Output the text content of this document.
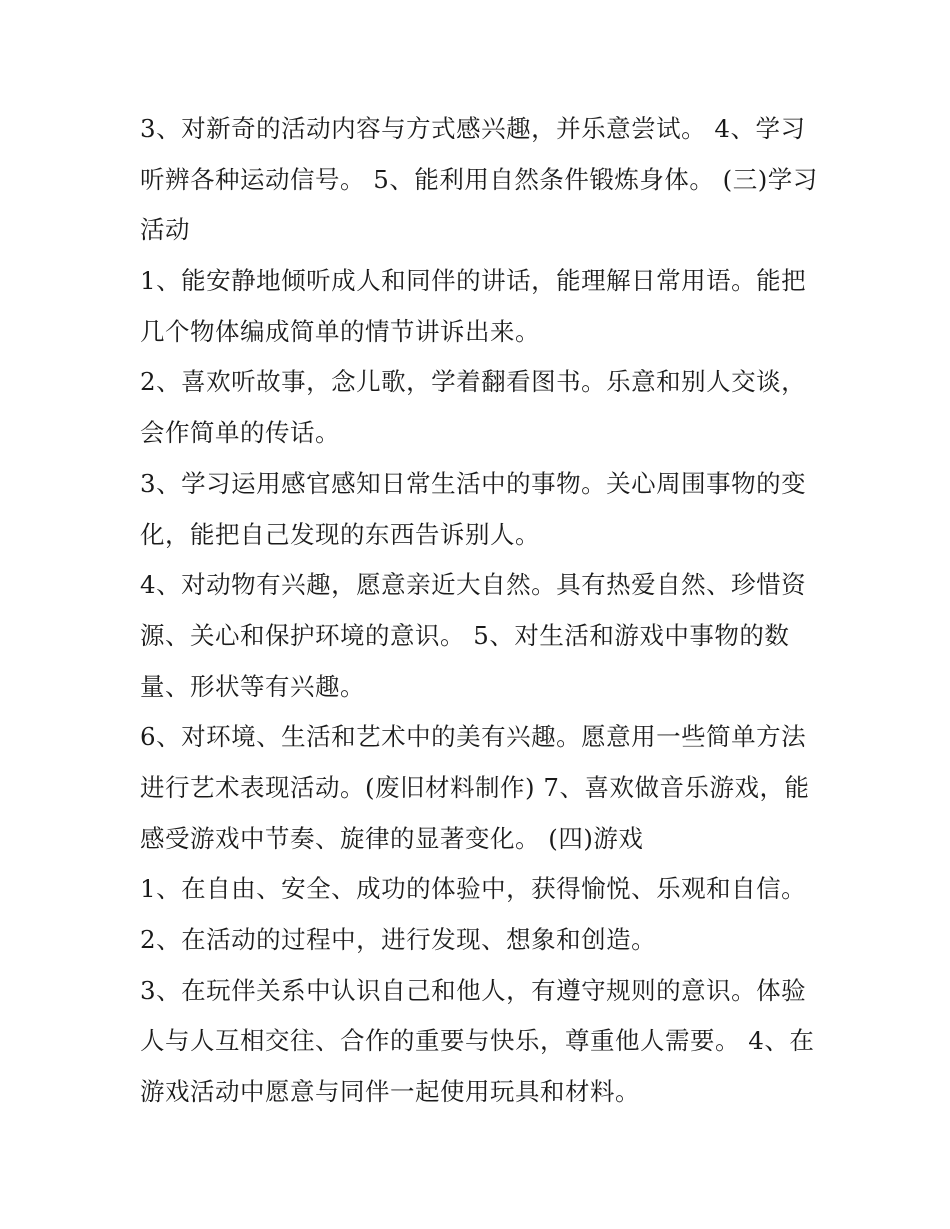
3、对新奇的活动内容与方式感兴趣，并乐意尝试。 4、学习
听辨各种运动信号。 5、能利用自然条件锻炼身体。 (三)学习
活动
1、能安静地倾听成人和同伴的讲话，能理解日常用语。能把
几个物体编成简单的情节讲诉出来。
2、喜欢听故事，念儿歌，学着翻看图书。乐意和别人交谈，
会作简单的传话。
3、学习运用感官感知日常生活中的事物。关心周围事物的变
化，能把自己发现的东西告诉别人。
4、对动物有兴趣，愿意亲近大自然。具有热爱自然、珍惜资
源、关心和保护环境的意识。 5、对生活和游戏中事物的数
量、形状等有兴趣。
6、对环境、生活和艺术中的美有兴趣。愿意用一些简单方法
进行艺术表现活动。(废旧材料制作) 7、喜欢做音乐游戏，能
感受游戏中节奏、旋律的显著变化。 (四)游戏
1、在自由、安全、成功的体验中，获得愉悦、乐观和自信。
2、在活动的过程中，进行发现、想象和创造。
3、在玩伴关系中认识自己和他人，有遵守规则的意识。体验
人与人互相交往、合作的重要与快乐，尊重他人需要。 4、在
游戏活动中愿意与同伴一起使用玩具和材料。
